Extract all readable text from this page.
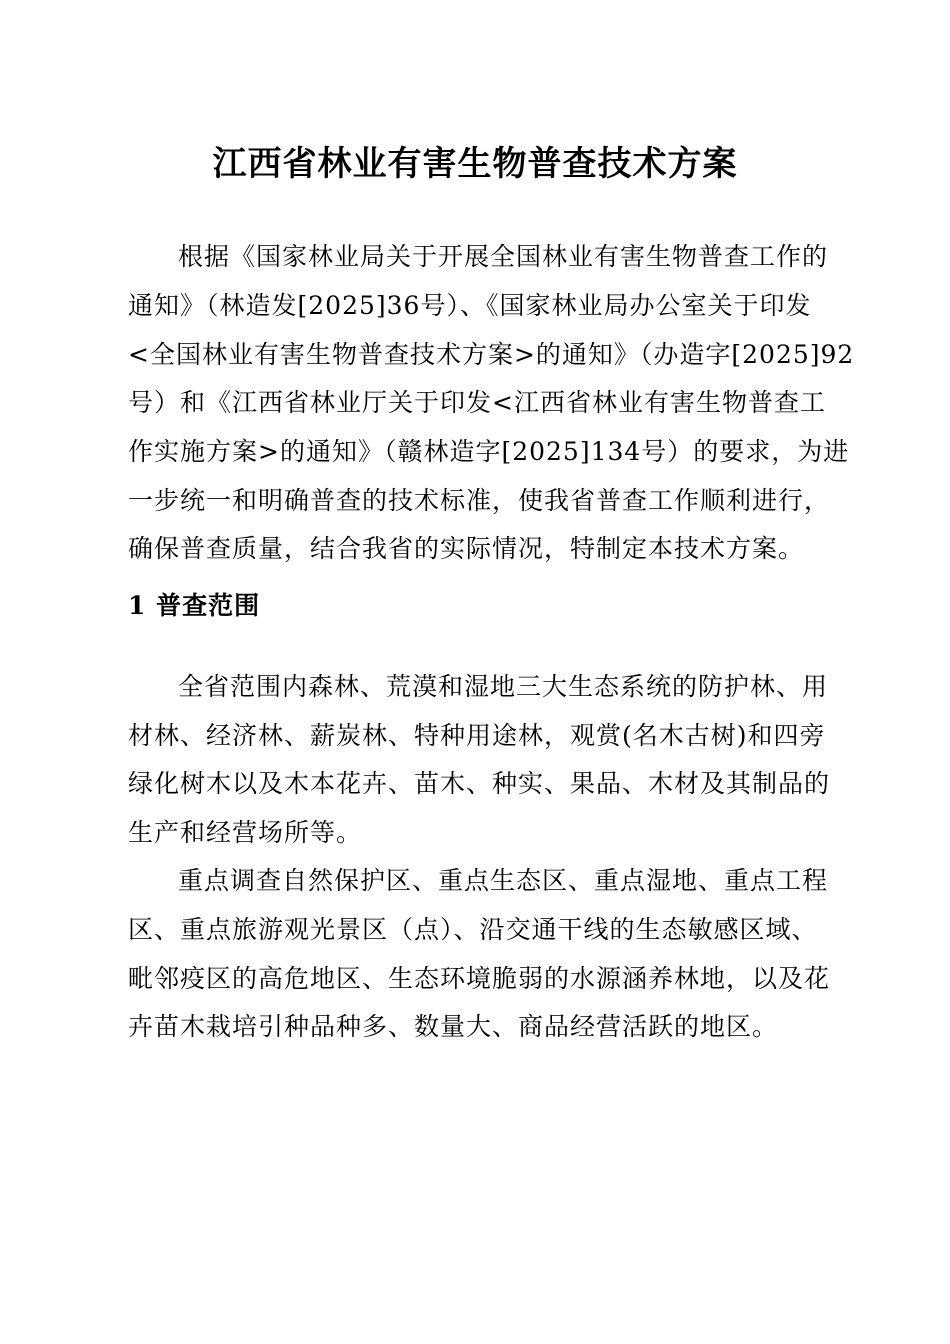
江西省林业有害生物普查技术方案

根据《国家林业局关于开展全国林业有害生物普查工作的

通知》（林造发[2025]36号）、《国家林业局办公室关于印发

<全国林业有害生物普查技术方案>的通知》（办造字[2025]92

号）和《江西省林业厅关于印发<江西省林业有害生物普查工

作实施方案>的通知》（赣林造字[2025]134号）的要求，为进

一步统一和明确普查的技术标准，使我省普查工作顺利进行，

确保普查质量，结合我省的实际情况，特制定本技术方案。

1 普查范围

全省范围内森林、荒漠和湿地三大生态系统的防护林、用

材林、经济林、薪炭林、特种用途林，观赏(名木古树)和四旁

绿化树木以及木本花卉、苗木、种实、果品、木材及其制品的

生产和经营场所等。

重点调查自然保护区、重点生态区、重点湿地、重点工程

区、重点旅游观光景区（点）、沿交通干线的生态敏感区域、

毗邻疫区的高危地区、生态环境脆弱的水源涵养林地，以及花

卉苗木栽培引种品种多、数量大、商品经营活跃的地区。
